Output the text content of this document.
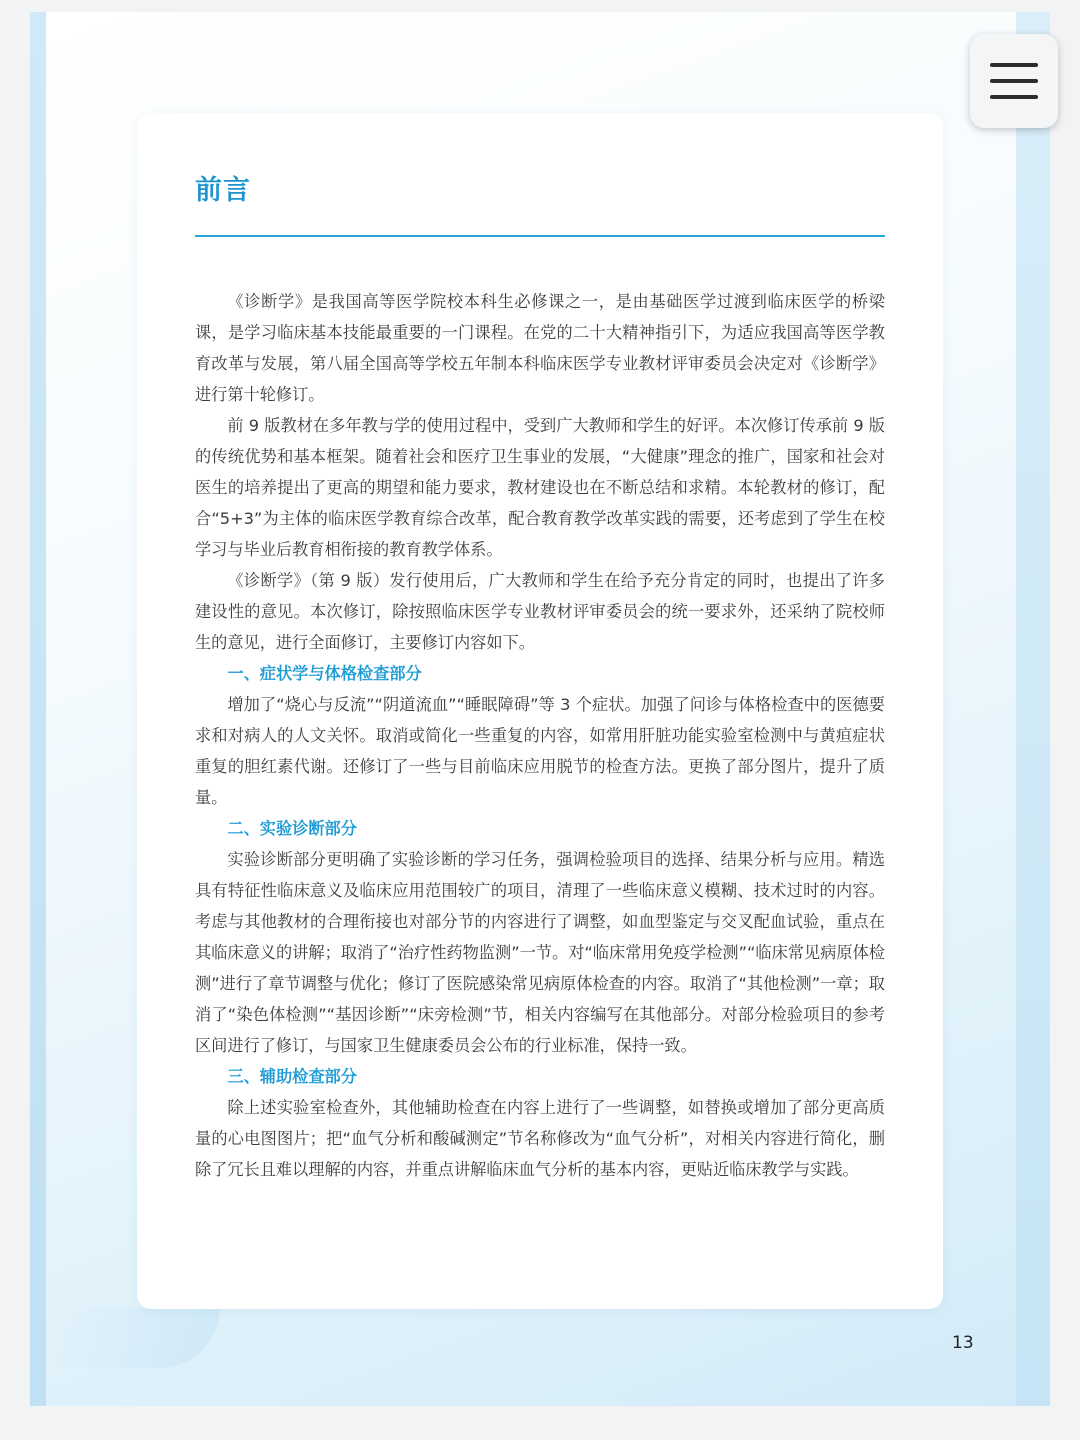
前言

《诊断学》是我国高等医学院校本科生必修课之一，是由基础医学过渡到临床医学的桥梁课，是学习临床基本技能最重要的一门课程。在党的二十大精神指引下，为适应我国高等医学教育改革与发展，第八届全国高等学校五年制本科临床医学专业教材评审委员会决定对《诊断学》进行第十轮修订。

前 9 版教材在多年教与学的使用过程中，受到广大教师和学生的好评。本次修订传承前 9 版的传统优势和基本框架。随着社会和医疗卫生事业的发展，“大健康”理念的推广，国家和社会对医生的培养提出了更高的期望和能力要求，教材建设也在不断总结和求精。本轮教材的修订，配合“5+3”为主体的临床医学教育综合改革，配合教育教学改革实践的需要，还考虑到了学生在校学习与毕业后教育相衔接的教育教学体系。

《诊断学》（第 9 版）发行使用后，广大教师和学生在给予充分肯定的同时，也提出了许多建设性的意见。本次修订，除按照临床医学专业教材评审委员会的统一要求外，还采纳了院校师生的意见，进行全面修订，主要修订内容如下。

一、症状学与体格检查部分

增加了“烧心与反流”“阴道流血”“睡眠障碍”等 3 个症状。加强了问诊与体格检查中的医德要求和对病人的人文关怀。取消或简化一些重复的内容，如常用肝脏功能实验室检测中与黄疸症状重复的胆红素代谢。还修订了一些与目前临床应用脱节的检查方法。更换了部分图片，提升了质量。

二、实验诊断部分

实验诊断部分更明确了实验诊断的学习任务，强调检验项目的选择、结果分析与应用。精选具有特征性临床意义及临床应用范围较广的项目，清理了一些临床意义模糊、技术过时的内容。考虑与其他教材的合理衔接也对部分节的内容进行了调整，如血型鉴定与交叉配血试验，重点在其临床意义的讲解；取消了“治疗性药物监测”一节。对“临床常用免疫学检测”“临床常见病原体检测”进行了章节调整与优化；修订了医院感染常见病原体检查的内容。取消了“其他检测”一章；取消了“染色体检测”“基因诊断”“床旁检测”节，相关内容编写在其他部分。对部分检验项目的参考区间进行了修订，与国家卫生健康委员会公布的行业标准，保持一致。

三、辅助检查部分

除上述实验室检查外，其他辅助检查在内容上进行了一些调整，如替换或增加了部分更高质量的心电图图片；把“血气分析和酸碱测定”节名称修改为“血气分析”，对相关内容进行简化，删除了冗长且难以理解的内容，并重点讲解临床血气分析的基本内容，更贴近临床教学与实践。

13
